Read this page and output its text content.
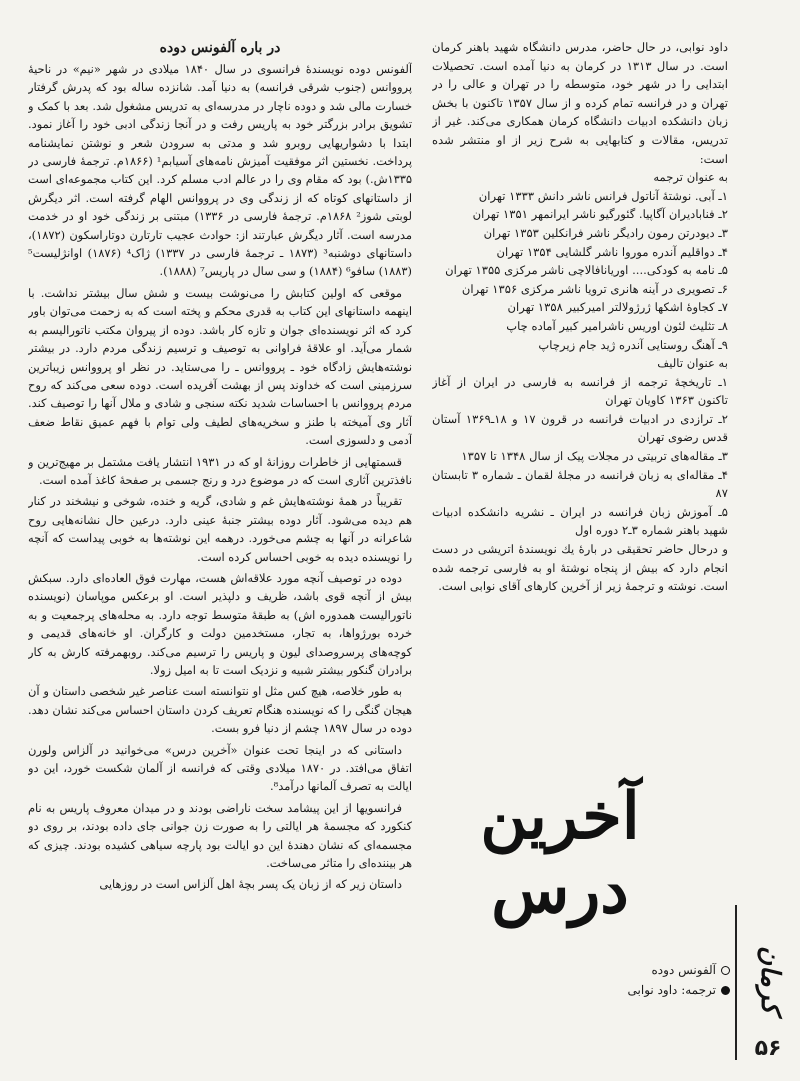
داود نوابی، در حال حاضر، مدرس دانشگاه شهید باهنر کرمان است. در سال ۱۳۱۳ در کرمان به دنیا آمده است. تحصیلات ابتدایی را در شهر خود، متوسطه را در تهران و عالی را در تهران و در فرانسه تمام کرده و از سال ۱۳۵۷ تاکنون با بخش زبان دانشکده ادبیات دانشگاه کرمان همکاری می‌کند. غیر از تدریس، مقالات و کتابهایی به شرح زیر از او منتشر شده است:

به عنوان ترجمه

۱ـ آبی. نوشتۀ آناتول فرانس ناشر دانش ۱۳۳۳ تهران
۲ـ فنابادیران آگاپیا. گئورگیو ناشر ایرانمهر ۱۳۵۱ تهران
۳ـ دیودرتن رمون رادیگر ناشر فرانکلین ۱۳۵۳ تهران
۴ـ دواقلیم آندره موروا ناشر گلشایی ۱۳۵۴ تهران
۵ـ نامه به کودکی.... اوریانافالاچی ناشر مرکزی ۱۳۵۵ تهران
۶ـ تصویری در آینه هانری ترویا ناشر مرکزی ۱۳۵۶ تهران
۷ـ کجاوۀ اشکها ژرژولالتر امیرکبیر ۱۳۵۸ تهران
۸ـ تثلیث لئون اوریس ناشرامیر کبیر آماده چاپ
۹ـ آهنگ روستایی آندره ژید جام زیرچاپ

به عنوان تالیف

۱ـ تاریخچۀ ترجمه از فرانسه به فارسی در ایران از آغاز تاکنون ۱۳۶۳ کاویان تهران
۲ـ ترازدی در ادبیات فرانسه در قرون ۱۷ و ۱۸ـ۱۳۶۹ آستان قدس رضوی تهران
۳ـ مقاله‌های تربیتی در مجلات پیک از سال ۱۳۴۸ تا ۱۳۵۷
۴ـ مقاله‌ای به زبان فرانسه در مجلۀ لقمان ـ شماره ۳ تابستان ۸۷
۵ـ آموزش زبان فرانسه در ایران ـ نشریه دانشکده ادبیات شهید باهنر شماره ۳ـ۲ دوره اول

و درحال حاضر تحقیقی در بارۀ یك نویسندۀ اتریشی در دست انجام دارد که بیش از پنجاه نوشتۀ او به فارسی ترجمه شده است. نوشته و ترجمۀ زیر از آخرین کارهای آقای نوابی است.

در باره آلفونس دوده

آلفونس دوده نویسندۀ فرانسوی در سال ۱۸۴۰ میلادی در شهر «نیم» در ناحیۀ پرووانس (جنوب شرقی فرانسه) به دنیا آمد. شانزده ساله بود که پدرش گرفتار خسارت مالی شد و دوده ناچار در مدرسه‌ای به تدریس مشغول شد. بعد با کمک و تشویق برادر بزرگتر خود به پاریس رفت و در آنجا زندگی ادبی خود را آغاز نمود. ابتدا با دشواریهایی روبرو شد و مدتی به سرودن شعر و نوشتن نمایشنامه پرداخت. نخستین اثر موفقیت آمیزش نامه‌های آسیابم¹ (۱۸۶۶م. ترجمۀ فارسی در ۱۳۳۵ش.) بود که مقام وی را در عالم ادب مسلم کرد. این کتاب مجموعه‌ای است از داستانهای کوتاه که از زندگی وی در پرووانس الهام گرفته است. اثر دیگرش لوبتی شوز² ۱۸۶۸م. ترجمۀ فارسی در ۱۳۳۶) مبتنی بر زندگی خود او در خدمت مدرسه است. آثار دیگرش عبارتند از: حوادث عجیب تارتارن دوتاراسکون (۱۸۷۲)، داستانهای دوشنبه³ (۱۸۷۳ ـ ترجمۀ فارسی در ۱۳۳۷) ژاک⁴ (۱۸۷۶) اوانژلیست⁵ (۱۸۸۳) سافو⁶ (۱۸۸۴) و سی سال در پاریس⁷ (۱۸۸۸).

موقعی که اولین کتابش را می‌نوشت بیست و شش سال بیشتر نداشت. با اینهمه داستانهای این کتاب به قدری محکم و پخته است که به زحمت می‌توان باور کرد که اثر نویسنده‌ای جوان و تازه کار باشد. دوده از پیروان مکتب ناتورالیسم به شمار می‌آید. او علاقۀ فراوانی به توصیف و ترسیم زندگی مردم دارد. در بیشتر نوشته‌هایش زادگاه خود ـ پرووانس ـ را می‌ستاید. در نظر او پرووانس زیباترین سرزمینی است که خداوند پس از بهشت آفریده است. دوده سعی می‌کند که روح مردم پرووانس با احساسات شدید نکته سنجی و شادی و ملال آنها را توصیف کند. آثار وی آمیخته با طنز و سخریه‌های لطیف ولی توام با فهم عمیق نقاط ضعف آدمی و دلسوزی است.

قسمتهایی از خاطرات روزانۀ او که در ۱۹۳۱ انتشار یافت مشتمل بر مهیج‌ترین و نافذترین آثاری است که در موضوع درد و رنج جسمی بر صفحۀ کاغذ آمده است.

تقریباً در همۀ نوشته‌هایش غم و شادی، گریه و خنده، شوخی و نیشخند در کنار هم دیده می‌شود. آثار دوده بیشتر جنبۀ عینی دارد. درعین حال نشانه‌هایی روح شاعرانه در آنها به چشم می‌خورد. درهمه این نوشته‌ها به خوبی پیداست که آنچه را نویسنده دیده به خوبی احساس کرده است.

دوده در توصیف آنچه مورد علاقه‌اش هست، مهارت فوق العاده‌ای دارد. سبکش بیش از آنچه قوی باشد، ظریف و دلپذیر است. او برعکس موپاسان (نویسنده ناتورالیست همدوره اش) به طبقۀ متوسط توجه دارد. به محله‌های پرجمعیت و به خرده بورژواها، به تجار، مستخدمین دولت و کارگران. او خانه‌های قدیمی و کوچه‌های پرسروصدای لیون و پاریس را ترسیم می‌کند. روبهمرفته کارش به کار برادران گنکور بیشتر شبیه و نزدیک است تا به امیل زولا.

به طور خلاصه، هیچ کس مثل او نتوانسته است عناصر غیر شخصی داستان و آن هیجان گنگی را که نویسنده هنگام تعریف کردن داستان احساس می‌کند نشان دهد. دوده در سال ۱۸۹۷ چشم از دنیا فرو بست.

داستانی که در اینجا تحت عنوان «آخرین درس» می‌خوانید در آلزاس ولورن اتفاق می‌افتد. در ۱۸۷۰ میلادی وقتی که فرانسه از آلمان شکست خورد، این دو ایالت به تصرف آلمانها درآمد⁸.

فرانسویها از این پیشامد سخت ناراضی بودند و در میدان معروف پاریس به نام کنکورد که مجسمۀ هر ایالتی را به صورت زن جوانی جای داده بودند، بر روی دو مجسمه‌ای که نشان دهندۀ این دو ایالت بود پارچه سیاهی کشیده بودند. چیزی که هر بیننده‌ای را متاثر می‌ساخت.

داستان زیر که از زبان یک پسر بچۀ اهل آلزاس است در روزهایی

آخرین
درس
آلفونس دوده
ترجمه: داود نوابی	کرمان
۵۶
